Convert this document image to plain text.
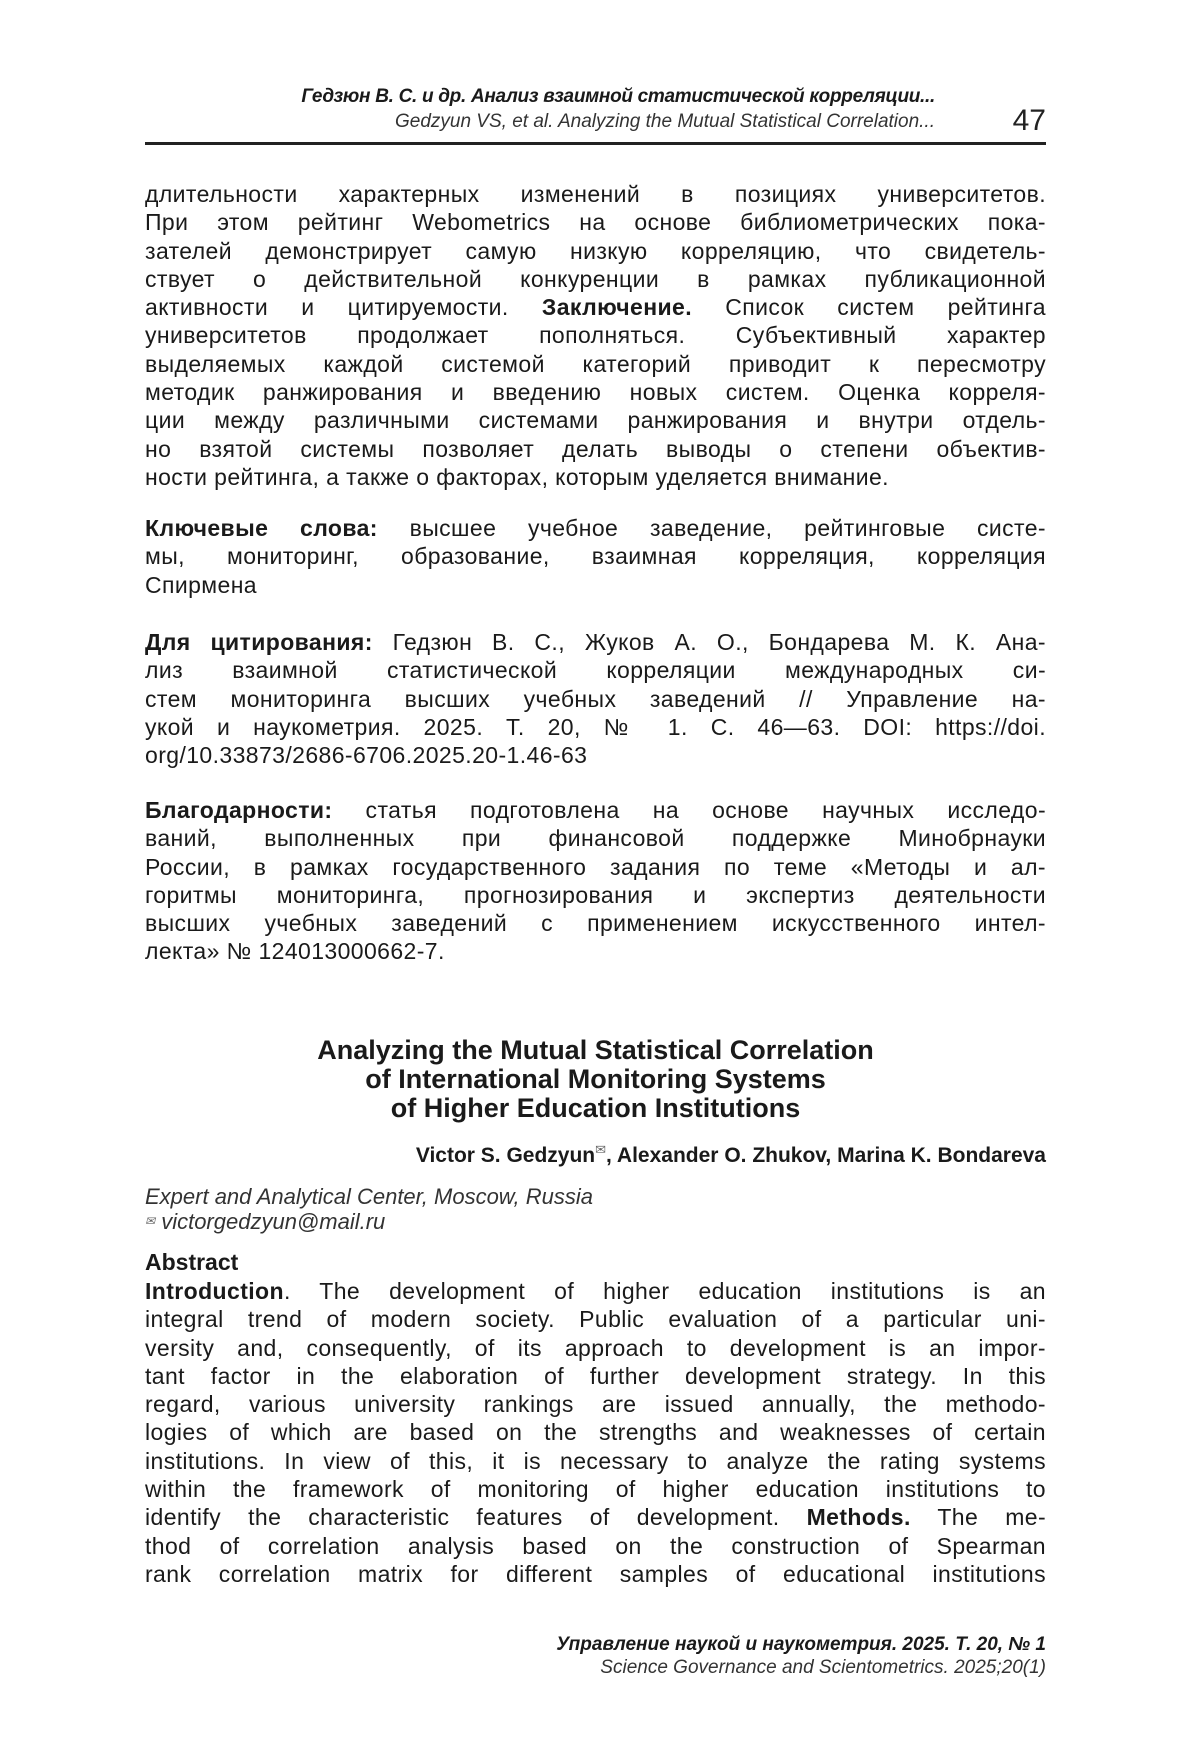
Гедзюн В. С. и др. Анализ взаимной статистической корреляции...
Gedzyun VS, et al. Analyzing the Mutual Statistical Correlation...	47
длительности характерных изменений в позициях университетов.
При этом рейтинг Webometrics на основе библиометрических пока-
зателей демонстрирует самую низкую корреляцию, что свидетель-
ствует о действительной конкуренции в рамках публикационной
активности и цитируемости. Заключение. Список систем рейтинга
университетов продолжает пополняться. Субъективный характер
выделяемых каждой системой категорий приводит к пересмотру
методик ранжирования и введению новых систем. Оценка корреля-
ции между различными системами ранжирования и внутри отдель-
но взятой системы позволяет делать выводы о степени объектив-
ности рейтинга, а также о факторах, которым уделяется внимание.
Ключевые слова: высшее учебное заведение, рейтинговые систе-
мы, мониторинг, образование, взаимная корреляция, корреляция
Спирмена
Для цитирования: Гедзюн В. С., Жуков А. О., Бондарева М. К. Ана-
лиз взаимной статистической корреляции международных си-
стем мониторинга высших учебных заведений // Управление на-
укой и наукометрия. 2025. Т. 20, № 1. С. 46—63. DOI: https://doi.
org/10.33873/2686-6706.2025.20-1.46-63
Благодарности: статья подготовлена на основе научных исследо-
ваний, выполненных при финансовой поддержке Минобрнауки
России, в рамках государственного задания по теме «Методы и ал-
горитмы мониторинга, прогнозирования и экспертиз деятельности
высших учебных заведений с применением искусственного интел-
лекта» № 124013000662-7.
Analyzing the Mutual Statistical Correlation
of International Monitoring Systems
of Higher Education Institutions
Victor S. Gedzyun✉, Alexander O. Zhukov, Marina K. Bondareva
Expert and Analytical Center, Moscow, Russia
✉ victorgedzyun@mail.ru
Abstract
Introduction. The development of higher education institutions is an
integral trend of modern society. Public evaluation of a particular uni-
versity and, consequently, of its approach to development is an impor-
tant factor in the elaboration of further development strategy. In this
regard, various university rankings are issued annually, the methodo-
logies of which are based on the strengths and weaknesses of certain
institutions. In view of this, it is necessary to analyze the rating systems
within the framework of monitoring of higher education institutions to
identify the characteristic features of development. Methods. The me-
thod of correlation analysis based on the construction of Spearman
rank correlation matrix for different samples of educational institutions
Управление наукой и наукометрия. 2025. Т. 20, № 1
Science Governance and Scientometrics. 2025;20(1)
